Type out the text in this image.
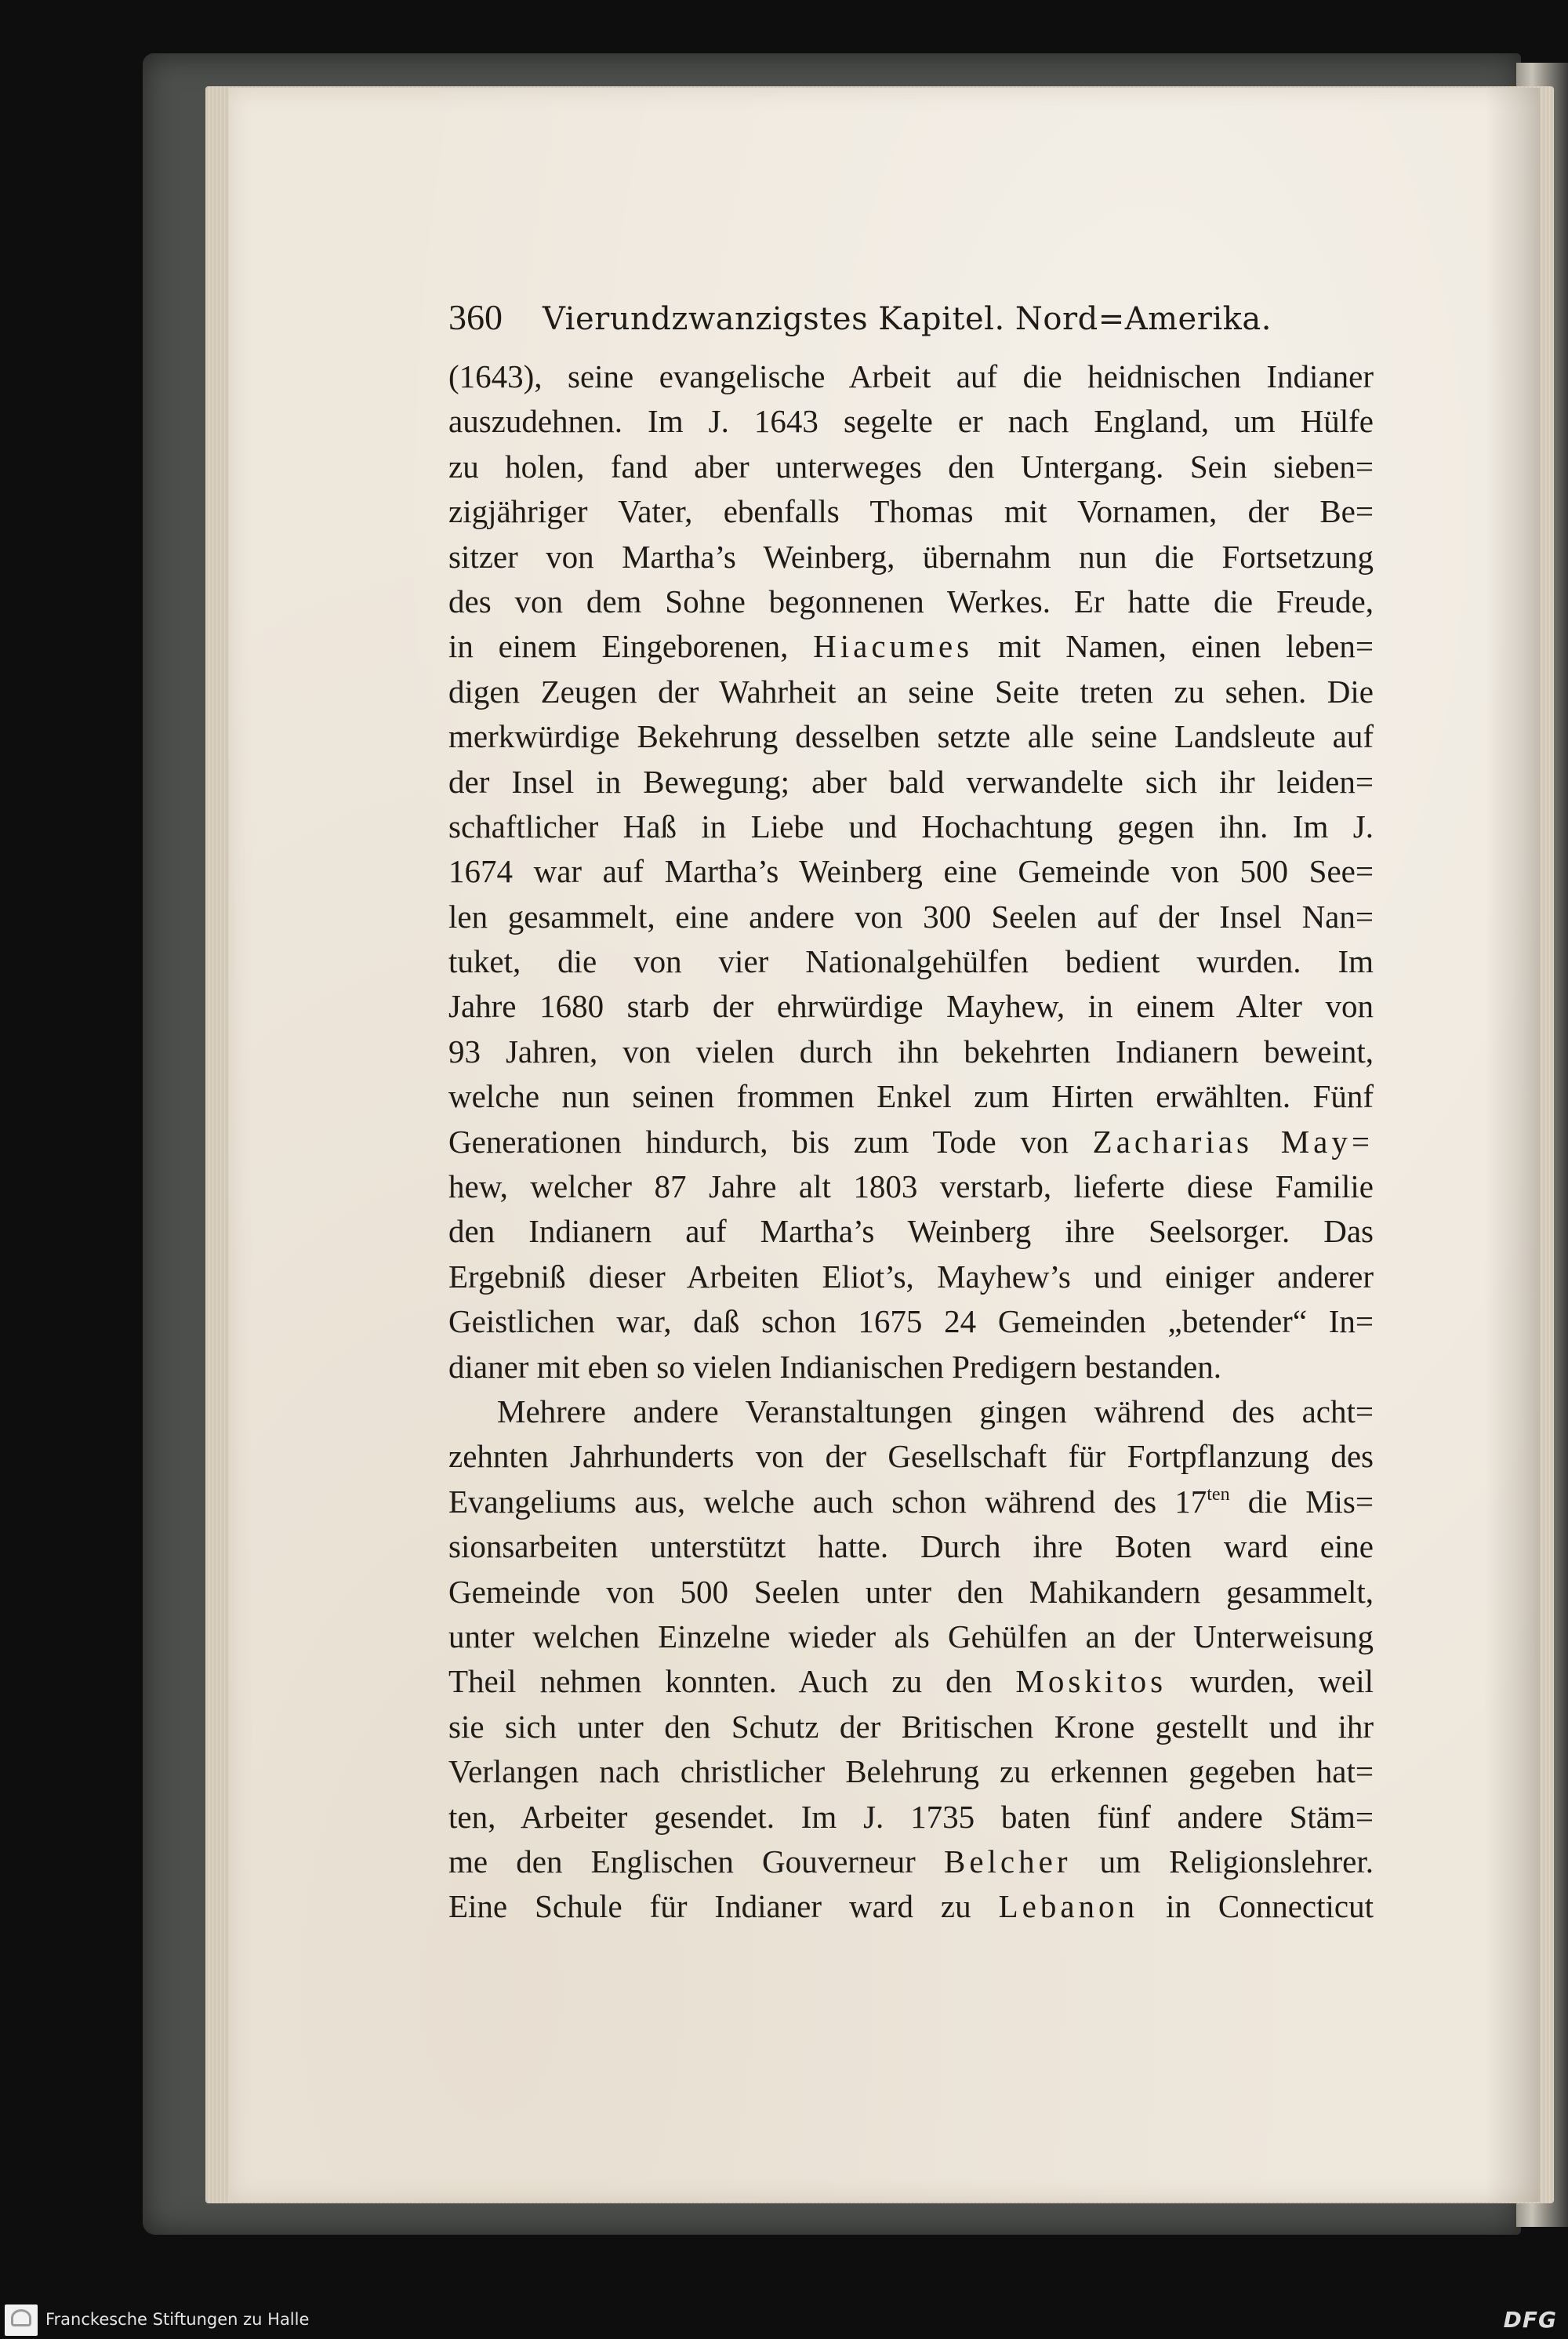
360 Vierundzwanzigstes Kapitel. Nord=Amerika.
(1643), seine evangelische Arbeit auf die heidnischen Indianer
auszudehnen. Im J. 1643 segelte er nach England, um Hülfe
zu holen, fand aber unterweges den Untergang. Sein sieben=
zigjähriger Vater, ebenfalls Thomas mit Vornamen, der Be=
sitzer von Martha’s Weinberg, übernahm nun die Fortsetzung
des von dem Sohne begonnenen Werkes. Er hatte die Freude,
in einem Eingeborenen, Hiacumes mit Namen, einen leben=
digen Zeugen der Wahrheit an seine Seite treten zu sehen. Die
merkwürdige Bekehrung desselben setzte alle seine Landsleute auf
der Insel in Bewegung; aber bald verwandelte sich ihr leiden=
schaftlicher Haß in Liebe und Hochachtung gegen ihn. Im J.
1674 war auf Martha’s Weinberg eine Gemeinde von 500 See=
len gesammelt, eine andere von 300 Seelen auf der Insel Nan=
tuket, die von vier Nationalgehülfen bedient wurden. Im
Jahre 1680 starb der ehrwürdige Mayhew, in einem Alter von
93 Jahren, von vielen durch ihn bekehrten Indianern beweint,
welche nun seinen frommen Enkel zum Hirten erwählten. Fünf
Generationen hindurch, bis zum Tode von Zacharias May=
hew, welcher 87 Jahre alt 1803 verstarb, lieferte diese Familie
den Indianern auf Martha’s Weinberg ihre Seelsorger. Das
Ergebniß dieser Arbeiten Eliot’s, Mayhew’s und einiger anderer
Geistlichen war, daß schon 1675 24 Gemeinden „betender“ In=
dianer mit eben so vielen Indianischen Predigern bestanden.
Mehrere andere Veranstaltungen gingen während des acht=
zehnten Jahrhunderts von der Gesellschaft für Fortpflanzung des
Evangeliums aus, welche auch schon während des $17^{ten}$ die Mis=
sionsarbeiten unterstützt hatte. Durch ihre Boten ward eine
Gemeinde von 500 Seelen unter den Mahikandern gesammelt,
unter welchen Einzelne wieder als Gehülfen an der Unterweisung
Theil nehmen konnten. Auch zu den Moskitos wurden, weil
sie sich unter den Schutz der Britischen Krone gestellt und ihr
Verlangen nach christlicher Belehrung zu erkennen gegeben hat=
ten, Arbeiter gesendet. Im J. 1735 baten fünf andere Stäm=
me den Englischen Gouverneur Belcher um Religionslehrer.
Eine Schule für Indianer ward zu Lebanon in Connecticut
Franckesche Stiftungen zu Halle	DFG
